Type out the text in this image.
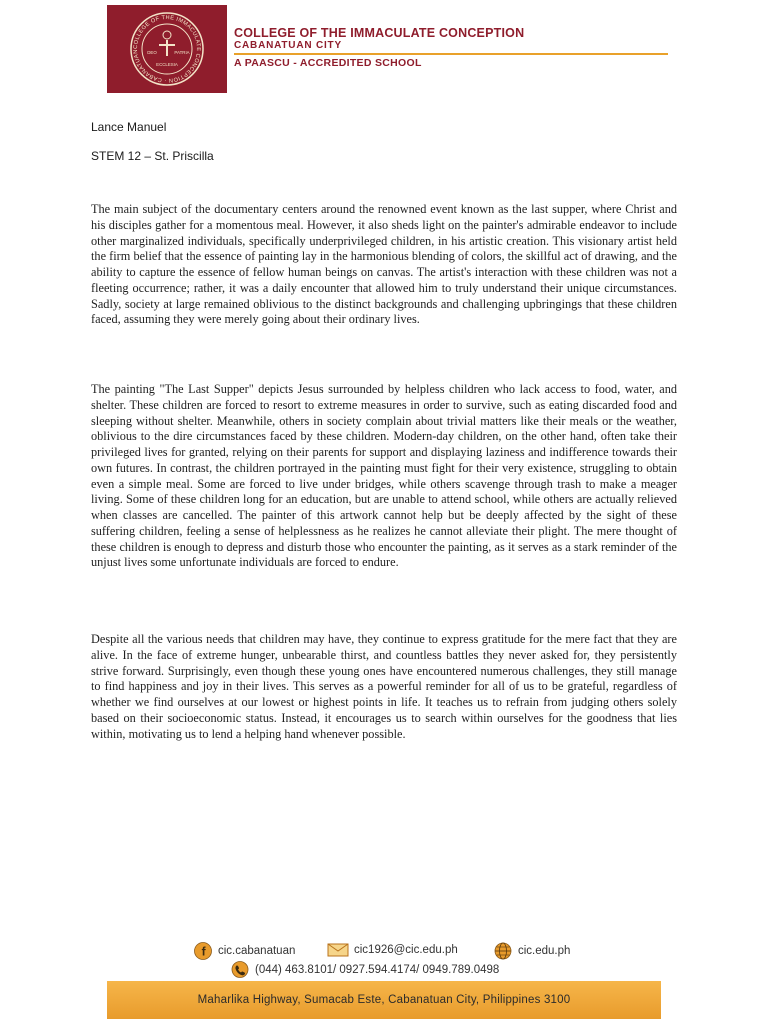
COLLEGE OF THE IMMACULATE CONCEPTION · CABANATUAN	DEO	PATRIA
ECCLESIA
COLLEGE OF THE IMMACULATE CONCEPTION
CABANATUAN CITY
A PAASCU - ACCREDITED SCHOOL
Lance Manuel
STEM 12 – St. Priscilla

The main subject of the documentary centers around the renowned event known as the last supper, where Christ and his disciples gather for a momentous meal. However, it also sheds light on the painter's admirable endeavor to include other marginalized individuals, specifically underprivileged children, in his artistic creation. This visionary artist held the firm belief that the essence of painting lay in the harmonious blending of colors, the skillful act of drawing, and the ability to capture the essence of fellow human beings on canvas. The artist's interaction with these children was not a fleeting occurrence; rather, it was a daily encounter that allowed him to truly understand their unique circumstances. Sadly, society at large remained oblivious to the distinct backgrounds and challenging upbringings that these children faced, assuming they were merely going about their ordinary lives.

The painting "The Last Supper" depicts Jesus surrounded by helpless children who lack access to food, water, and shelter. These children are forced to resort to extreme measures in order to survive, such as eating discarded food and sleeping without shelter. Meanwhile, others in society complain about trivial matters like their meals or the weather, oblivious to the dire circumstances faced by these children. Modern-day children, on the other hand, often take their privileged lives for granted, relying on their parents for support and displaying laziness and indifference towards their own futures. In contrast, the children portrayed in the painting must fight for their very existence, struggling to obtain even a simple meal. Some are forced to live under bridges, while others scavenge through trash to make a meager living. Some of these children long for an education, but are unable to attend school, while others are actually relieved when classes are cancelled. The painter of this artwork cannot help but be deeply affected by the sight of these suffering children, feeling a sense of helplessness as he realizes he cannot alleviate their plight. The mere thought of these children is enough to depress and disturb those who encounter the painting, as it serves as a stark reminder of the unjust lives some unfortunate individuals are forced to endure.

Despite all the various needs that children may have, they continue to express gratitude for the mere fact that they are alive. In the face of extreme hunger, unbearable thirst, and countless battles they never asked for, they persistently strive forward. Surprisingly, even though these young ones have encountered numerous challenges, they still manage to find happiness and joy in their lives. This serves as a powerful reminder for all of us to be grateful, regardless of whether we find ourselves at our lowest or highest points in life. It teaches us to refrain from judging others solely based on their socioeconomic status. Instead, it encourages us to search within ourselves for the goodness that lies within, motivating us to lend a helping hand whenever possible.

f cic.cabanatuan	cic1926@cic.edu.ph	cic.edu.ph
(044) 463.8101/ 0927.594.4174/ 0949.789.0498
Maharlika Highway, Sumacab Este, Cabanatuan City, Philippines 3100
